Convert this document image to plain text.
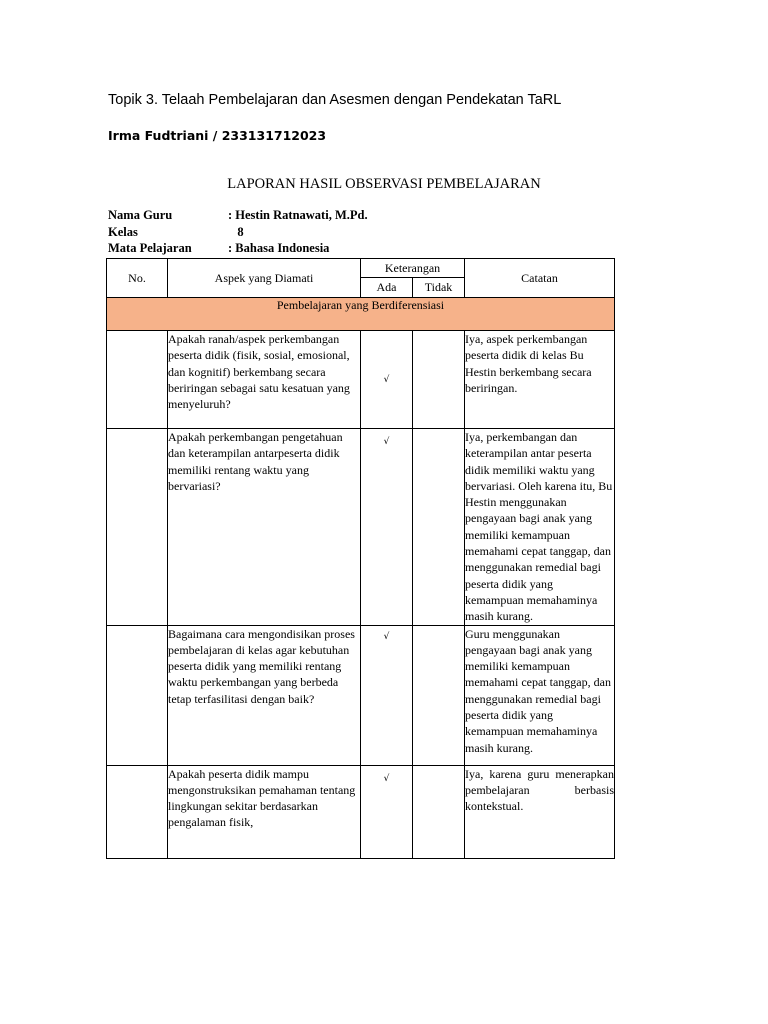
Topik 3. Telaah Pembelajaran dan Asesmen dengan Pendekatan TaRL
Irma Fudtriani / 233131712023
LAPORAN HASIL OBSERVASI PEMBELAJARAN
Nama Guru	: Hestin Ratnawati, M.Pd.
Kelas	8
Mata Pelajaran	: Bahasa Indonesia
No.	Aspek yang Diamati	Keterangan		Catatan
		Ada	Tidak	
Pembelajaran yang Berdiferensiasi				
	Apakah ranah/aspek perkembangan peserta didik (fisik, sosial, emosional, dan kognitif) berkembang secara beriringan sebagai satu kesatuan yang menyeluruh?	√		Iya, aspek perkembangan peserta didik di kelas Bu Hestin berkembang secara beriringan.
	Apakah perkembangan pengetahuan dan keterampilan antarpeserta didik memiliki rentang waktu yang bervariasi?	√		Iya, perkembangan dan keterampilan antar peserta didik memiliki waktu yang bervariasi. Oleh karena itu, Bu Hestin menggunakan pengayaan bagi anak yang memiliki kemampuan memahami cepat tanggap, dan menggunakan remedial bagi peserta didik yang kemampuan memahaminya masih kurang.
	Bagaimana cara mengondisikan proses pembelajaran di kelas agar kebutuhan peserta didik yang memiliki rentang waktu perkembangan yang berbeda tetap terfasilitasi dengan baik?	√		Guru menggunakan pengayaan bagi anak yang memiliki kemampuan memahami cepat tanggap, dan menggunakan remedial bagi peserta didik yang kemampuan memahaminya masih kurang.
	Apakah peserta didik mampu mengonstruksikan pemahaman tentang lingkungan sekitar berdasarkan pengalaman fisik,	√		Iya, karena guru menerapkan pembelajaran berbasis kontekstual.
